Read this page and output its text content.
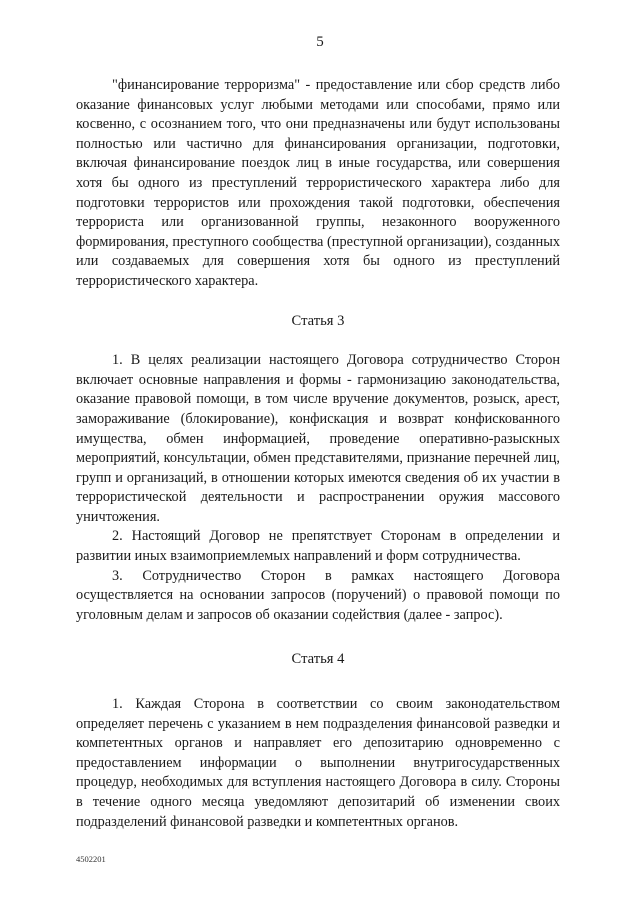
5

"финансирование терроризма" - предоставление или сбор средств либо оказание финансовых услуг любыми методами или способами, прямо или косвенно, с осознанием того, что они предназначены или будут использованы полностью или частично для финансирования организации, подготовки, включая финансирование поездок лиц в иные государства, или совершения хотя бы одного из преступлений террористического характера либо для подготовки террористов или прохождения такой подготовки, обеспечения террориста или организованной группы, незаконного вооруженного формирования, преступного сообщества (преступной организации), созданных или создаваемых для совершения хотя бы одного из преступлений террористического характера.

Статья 3

1. В целях реализации настоящего Договора сотрудничество Сторон включает основные направления и формы - гармонизацию законодательства, оказание правовой помощи, в том числе вручение документов, розыск, арест, замораживание (блокирование), конфискация и возврат конфискованного имущества, обмен информацией, проведение оперативно-разыскных мероприятий, консультации, обмен представителями, признание перечней лиц, групп и организаций, в отношении которых имеются сведения об их участии в террористической деятельности и распространении оружия массового уничтожения.

2. Настоящий Договор не препятствует Сторонам в определении и развитии иных взаимоприемлемых направлений и форм сотрудничества.

3. Сотрудничество Сторон в рамках настоящего Договора осуществляется на основании запросов (поручений) о правовой помощи по уголовным делам и запросов об оказании содействия (далее - запрос).

Статья 4

1. Каждая Сторона в соответствии со своим законодательством определяет перечень с указанием в нем подразделения финансовой разведки и компетентных органов и направляет его депозитарию одновременно с предоставлением информации о выполнении внутригосударственных процедур, необходимых для вступления настоящего Договора в силу. Стороны в течение одного месяца уведомляют депозитарий об изменении своих подразделений финансовой разведки и компетентных органов.

4502201
